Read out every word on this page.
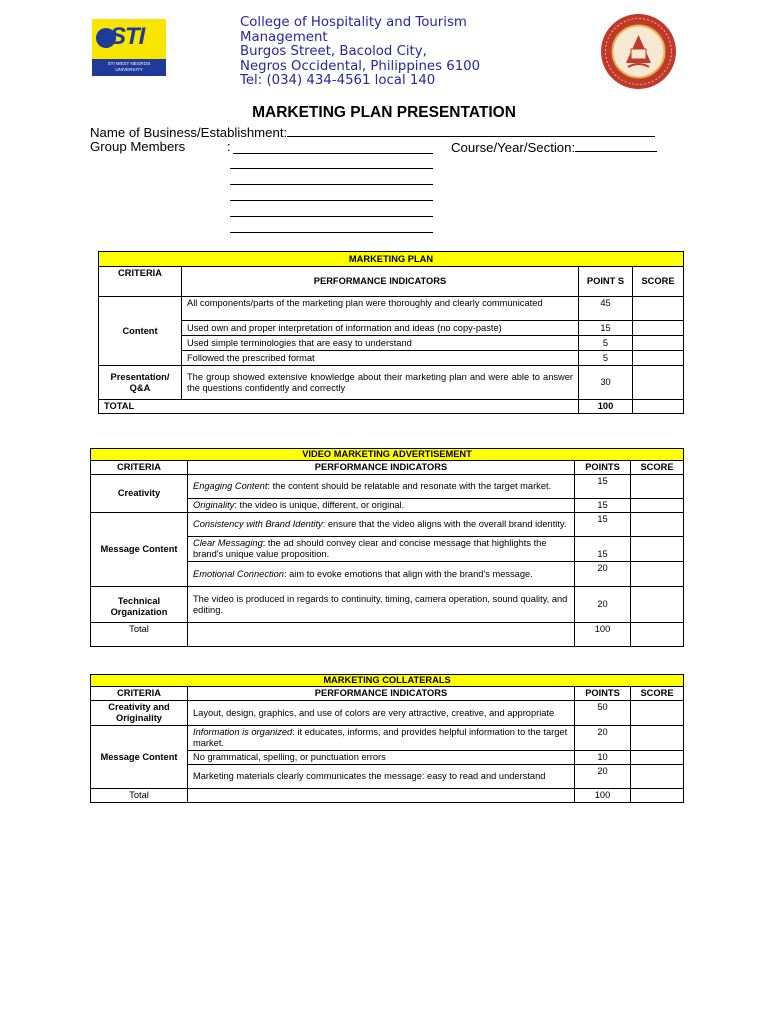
STI
STI WEST NEGROS
UNIVERSITY
College of Hospitality and Tourism
Management
Burgos Street, Bacolod City,
Negros Occidental, Philippines 6100
Tel: (034) 434-4561 local 140
MARKETING PLAN PRESENTATION
Name of Business/Establishment:
Group Members	:	Course/Year/Section:
MARKETING PLAN			
CRITERIA	PERFORMANCE INDICATORS	POINT S	SCORE
Content	All components/parts of the marketing plan were thoroughly and clearly communicated	45	
	Used own and proper interpretation of information and ideas (no copy-paste)	15	
	Used simple terminologies that are easy to understand	5	
	Followed the prescribed format	5	
Presentation/ Q&A	The group showed extensive knowledge about their marketing plan and were able to answer the questions confidently and correctly	30	
TOTAL		100	
VIDEO MARKETING ADVERTISEMENT			
CRITERIA	PERFORMANCE INDICATORS	POINTS	SCORE
Creativity	Engaging Content: the content should be relatable and resonate with the target market.	15	
	Originality: the video is unique, different, or original.	15	
Message Content	Consistency with Brand Identity: ensure that the video aligns with the overall brand identity.	15	
	Clear Messaging: the ad should convey clear and concise message that highlights the brand's unique value proposition.	15	
	Emotional Connection: aim to evoke emotions that align with the brand's message.	20	
Technical Organization	The video is produced in regards to continuity, timing, camera operation, sound quality, and editing.	20	
Total		100	
MARKETING COLLATERALS			
CRITERIA	PERFORMANCE INDICATORS	POINTS	SCORE
Creativity and Originality	Layout, design, graphics, and use of colors are very attractive, creative, and appropriate	50	
Message Content	Information is organized: it educates, informs, and provides helpful information to the target market.	20	
	No grammatical, spelling, or punctuation errors	10	
	Marketing materials clearly communicates the message: easy to read and understand	20	
Total		100	
